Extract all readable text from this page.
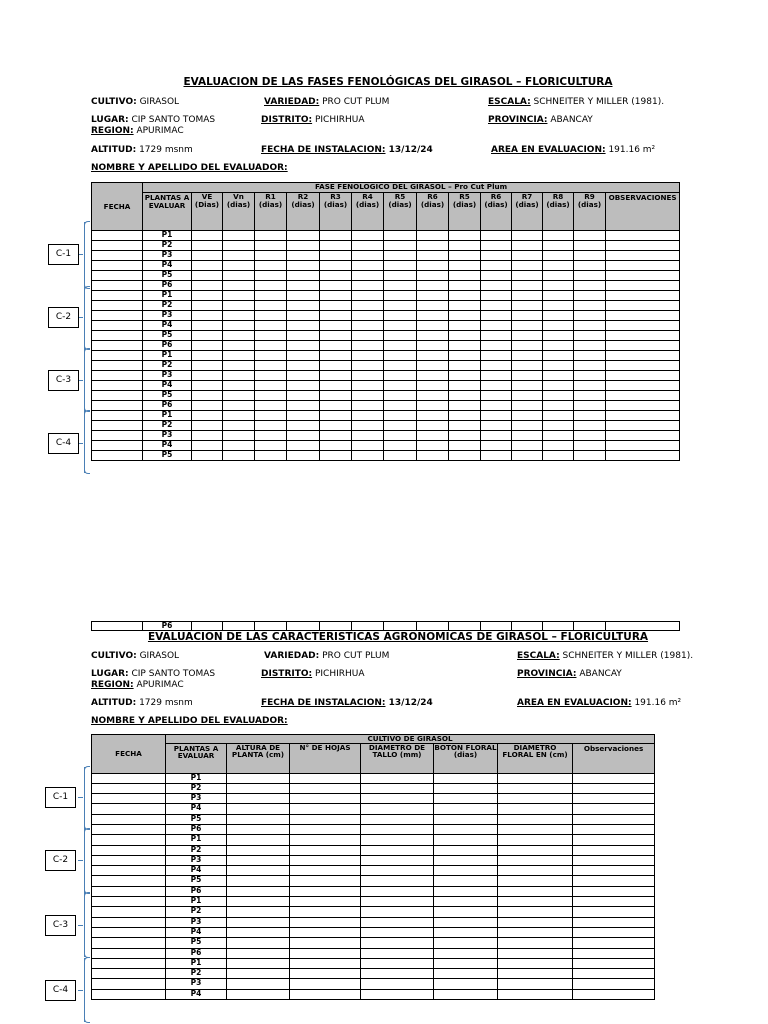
EVALUACION DE LAS FASES FENOLÓGICAS DEL GIRASOL – FLORICULTURA
CULTIVO: GIRASOL	VARIEDAD: PRO CUT PLUM	ESCALA: SCHNEITER Y MILLER (1981).
LUGAR: CIP SANTO TOMAS	DISTRITO: PICHIRHUA	PROVINCIA: ABANCAY
REGION: APURIMAC
ALTITUD: 1729 msnm	FECHA DE INSTALACION: 13/12/24	AREA EN EVALUACION: 191.16 m²
NOMBRE Y APELLIDO DEL EVALUADOR:
FECHA	FASE FENOLOGICO DEL GIRASOL – Pro Cut Plum														
	PLANTAS A EVALUAR	VE (Dias)	Vn (dias)	R1 (dias)	R2 (dias)	R3 (dias)	R4 (dias)	R5 (dias)	R6 (dias)	R5 (dias)	R6 (dias)	R7 (dias)	R8 (dias)	R9 (dias)	OBSERVACIONES
	P1														
	P2														
	P3														
	P4														
	P5														
	P6														
	P1														
	P2														
	P3														
	P4														
	P5														
	P6														
	P1														
	P2														
	P3														
	P4														
	P5														
	P6														
	P1														
	P2														
	P3														
	P4														
	P5														
	P6														
C-1
C-2
C-3
C-4
EVALUACION DE LAS CARACTERISTICAS AGRONOMICAS DE GIRASOL – FLORICULTURA
CULTIVO: GIRASOL	VARIEDAD: PRO CUT PLUM	ESCALA: SCHNEITER Y MILLER (1981).
LUGAR: CIP SANTO TOMAS	DISTRITO: PICHIRHUA	PROVINCIA: ABANCAY
REGION: APURIMAC
ALTITUD: 1729 msnm	FECHA DE INSTALACION: 13/12/24	AREA EN EVALUACION: 191.16 m²
NOMBRE Y APELLIDO DEL EVALUADOR:
FECHA	CULTIVO DE GIRASOL						
	PLANTAS A EVALUAR	ALTURA DE PLANTA (cm)	N° DE HOJAS	DIAMETRO DE TALLO (mm)	BOTON FLORAL (dias)	DIAMETRO FLORAL EN (cm)	Observaciones
	P1						
	P2						
	P3						
	P4						
	P5						
	P6						
	P1						
	P2						
	P3						
	P4						
	P5						
	P6						
	P1						
	P2						
	P3						
	P4						
	P5						
	P6						
	P1						
	P2						
	P3						
	P4						
C-1
C-2
C-3
C-4
